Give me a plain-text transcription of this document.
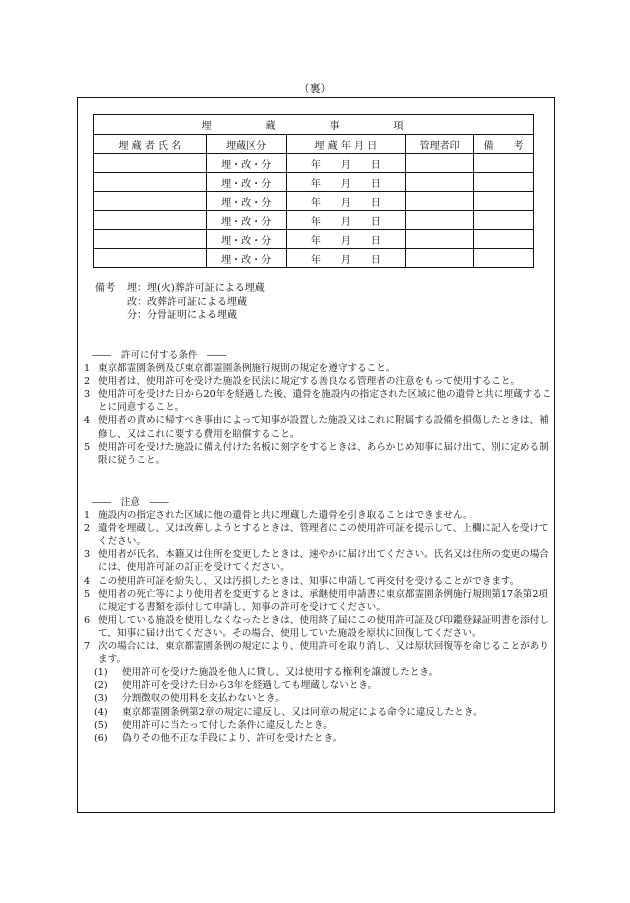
（裏）
埋　蔵　事　項				
埋 蔵 者 氏 名	埋蔵区分	埋 蔵 年 月 日	管理者印	備　　考
	埋・改・分	年　　月　　日		
	埋・改・分	年　　月　　日		
	埋・改・分	年　　月　　日		
	埋・改・分	年　　月　　日		
	埋・改・分	年　　月　　日		
	埋・改・分	年　　月　　日		
備考	埋：埋(火)葬許可証による埋蔵
改：改葬許可証による埋蔵
分：分骨証明による埋蔵
――　許可に付する条件　――
1 東京都霊園条例及び東京都霊園条例施行規則の規定を遵守すること。
2 使用者は、使用許可を受けた施設を民法に規定する善良なる管理者の注意をもって使用すること。
3 使用許可を受けた日から20年を経過した後、遺骨を施設内の指定された区域に他の遺骨と共に埋蔵することに同意すること。
4 使用者の責めに帰すべき事由によって知事が設置した施設又はこれに附属する設備を損傷したときは、補修し、又はこれに要する費用を賠償すること。
5 使用許可を受けた施設に備え付けた名板に刻字をするときは、あらかじめ知事に届け出て、別に定める制限に従うこと。
――　注意　――
1 施設内の指定された区域に他の遺骨と共に埋蔵した遺骨を引き取ることはできません。
2 遺骨を埋蔵し、又は改葬しようとするときは、管理者にこの使用許可証を提示して、上欄に記入を受けてください。
3 使用者が氏名、本籍又は住所を変更したときは、速やかに届け出てください。氏名又は住所の変更の場合には、使用許可証の訂正を受けてください。
4 この使用許可証を紛失し、又は汚損したときは、知事に申請して再交付を受けることができます。
5 使用者の死亡等により使用者を変更するときは、承継使用申請書に東京都霊園条例施行規則第17条第2項に規定する書類を添付して申請し、知事の許可を受けてください。
6 使用している施設を使用しなくなったときは、使用終了届にこの使用許可証及び印鑑登録証明書を添付して、知事に届け出てください。その場合、使用していた施設を原状に回復してください。
7 次の場合には、東京都霊園条例の規定により、使用許可を取り消し、又は原状回復等を命じることがあります。
(1)	使用許可を受けた施設を他人に貸し、又は使用する権利を譲渡したとき。
(2)	使用許可を受けた日から3年を経過しても埋蔵しないとき。
(3)	分割徴収の使用料を支払わないとき。
(4)	東京都霊園条例第2章の規定に違反し、又は同章の規定による命令に違反したとき。
(5)	使用許可に当たって付した条件に違反したとき。
(6)	偽りその他不正な手段により、許可を受けたとき。
